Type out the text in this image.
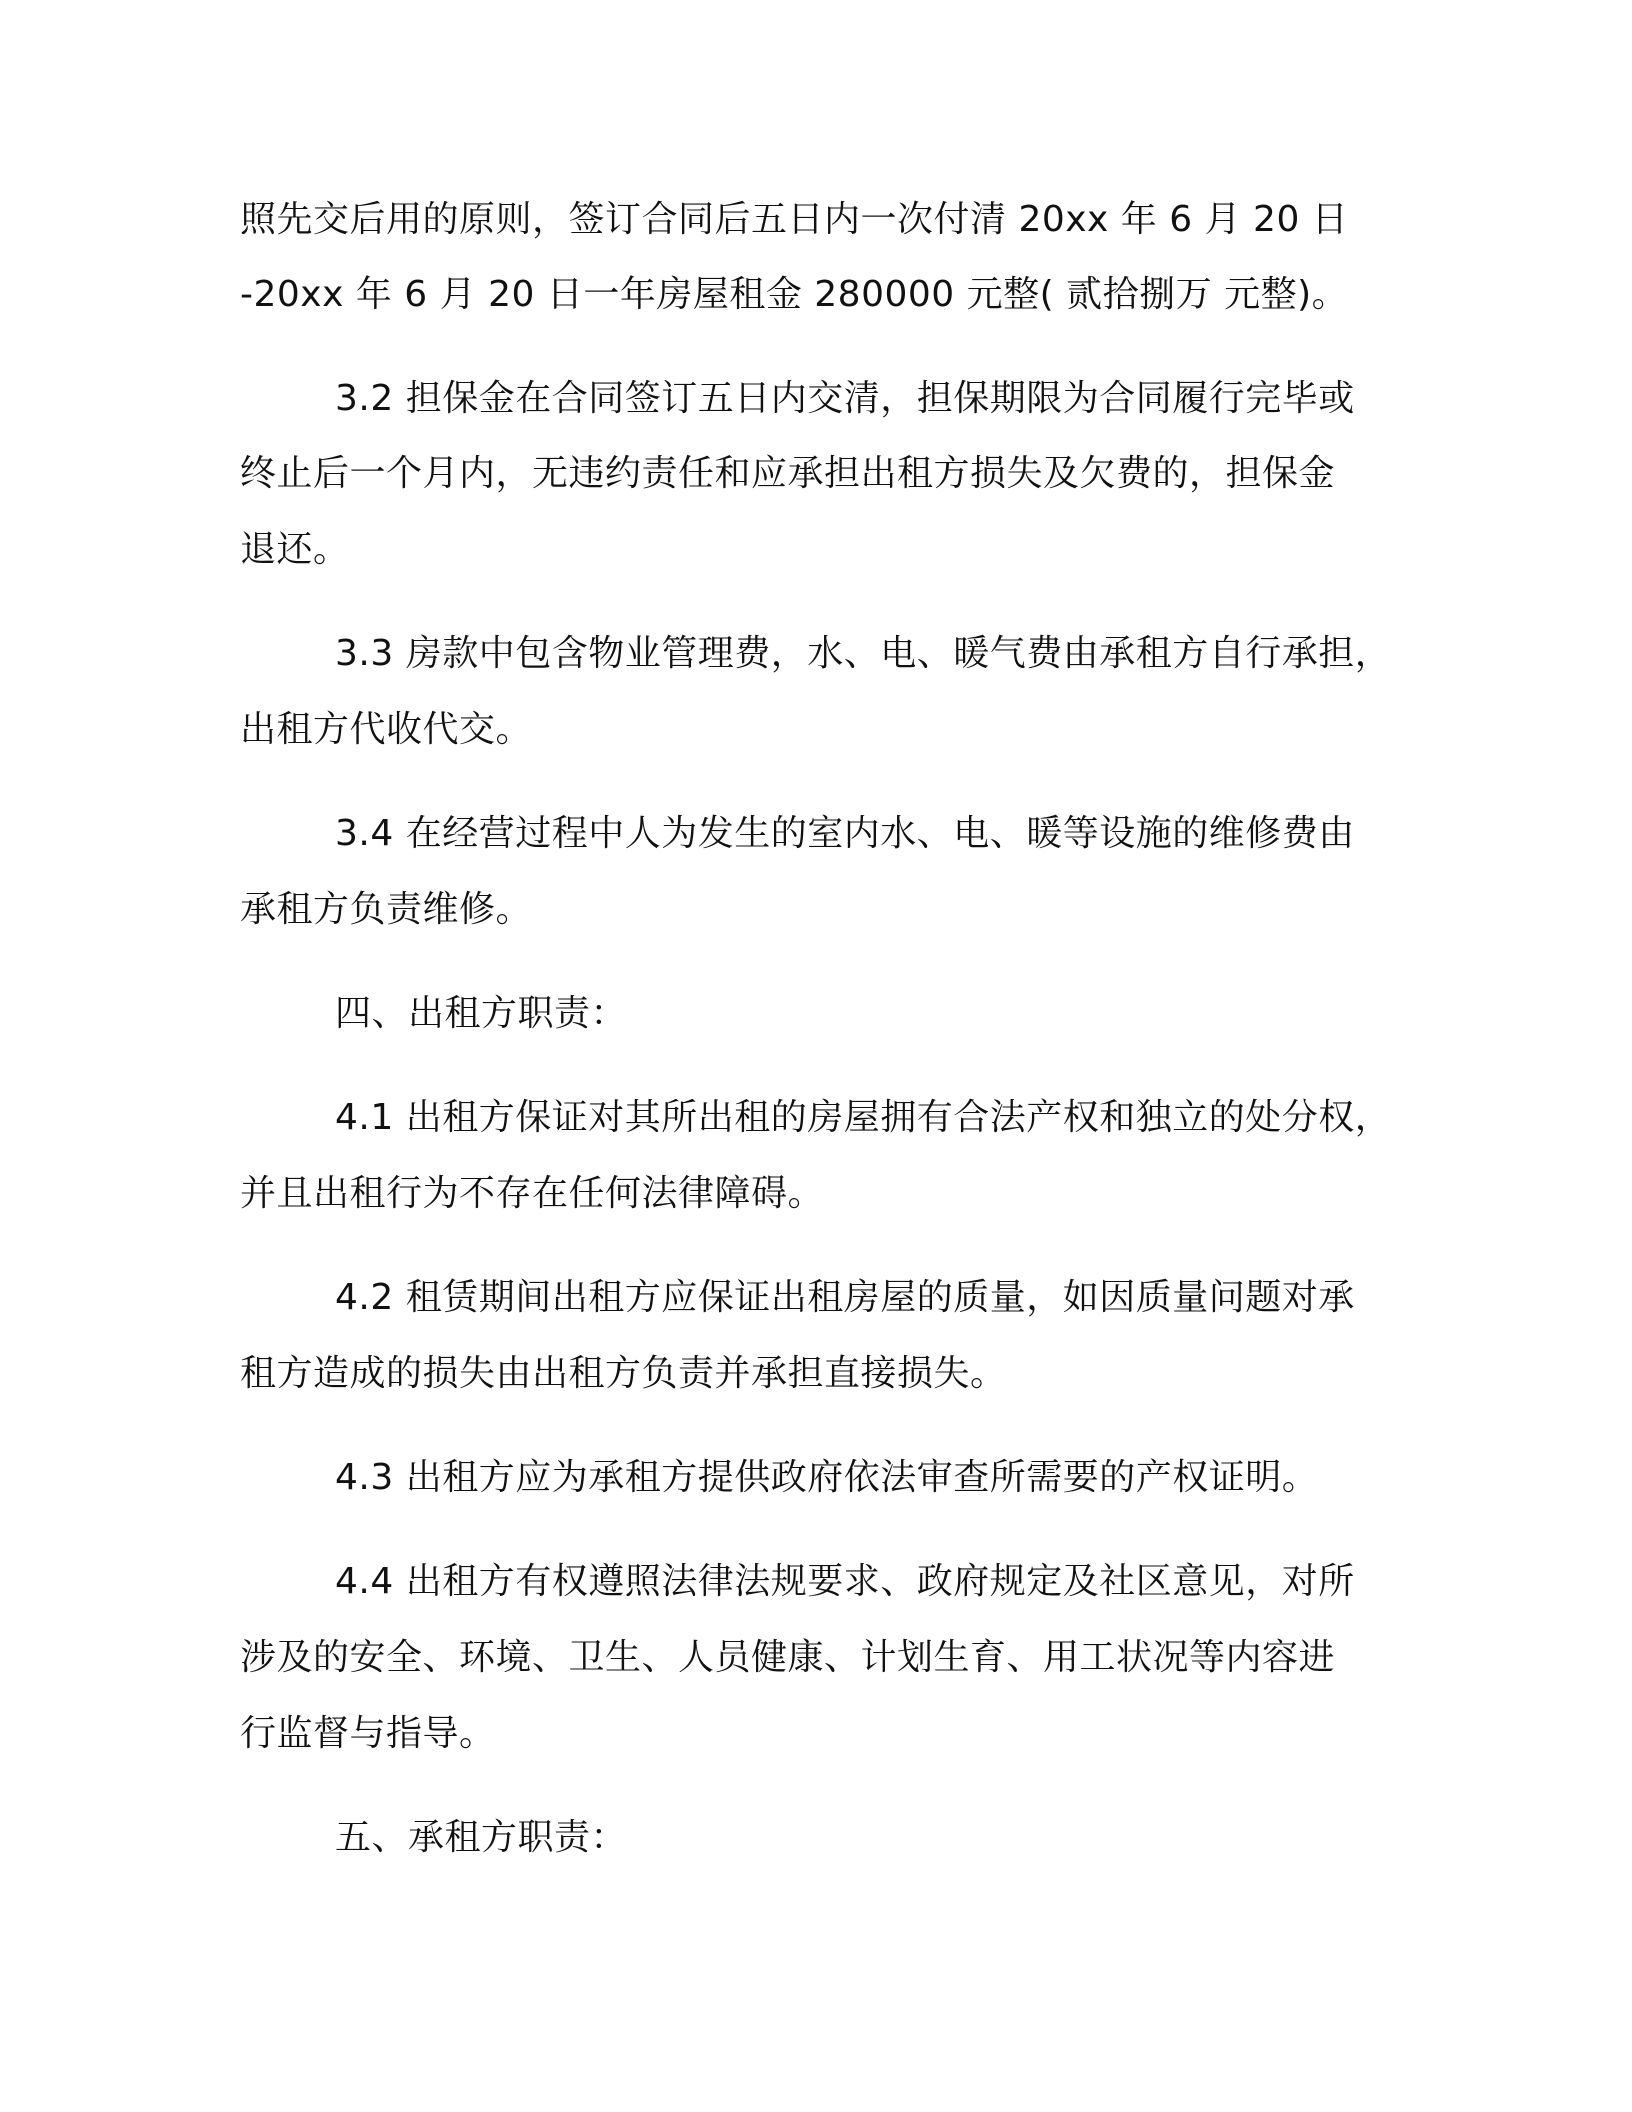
照先交后用的原则，签订合同后五日内一次付清 20xx 年 6 月 20 日

-20xx 年 6 月 20 日一年房屋租金 280000 元整( 贰拾捌万 元整)。

3.2 担保金在合同签订五日内交清，担保期限为合同履行完毕或

终止后一个月内，无违约责任和应承担出租方损失及欠费的，担保金

退还。

3.3 房款中包含物业管理费，水、电、暖气费由承租方自行承担，

出租方代收代交。

3.4 在经营过程中人为发生的室内水、电、暖等设施的维修费由

承租方负责维修。

四、出租方职责：

4.1 出租方保证对其所出租的房屋拥有合法产权和独立的处分权，

并且出租行为不存在任何法律障碍。

4.2 租赁期间出租方应保证出租房屋的质量，如因质量问题对承

租方造成的损失由出租方负责并承担直接损失。

4.3 出租方应为承租方提供政府依法审查所需要的产权证明。

4.4 出租方有权遵照法律法规要求、政府规定及社区意见，对所

涉及的安全、环境、卫生、人员健康、计划生育、用工状况等内容进

行监督与指导。

五、承租方职责：
